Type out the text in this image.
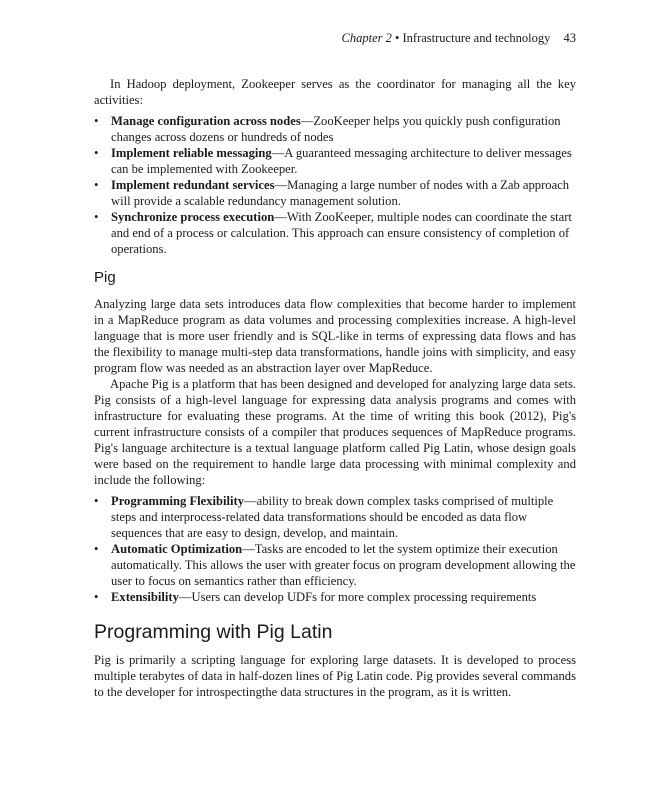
Chapter 2 • Infrastructure and technology 43

In Hadoop deployment, Zookeeper serves as the coordinator for managing all the key activities:

• Manage configuration across nodes—ZooKeeper helps you quickly push configuration changes across dozens or hundreds of nodes
• Implement reliable messaging—A guaranteed messaging architecture to deliver messages can be implemented with Zookeeper.
• Implement redundant services—Managing a large number of nodes with a Zab approach will provide a scalable redundancy management solution.
• Synchronize process execution—With ZooKeeper, multiple nodes can coordinate the start and end of a process or calculation. This approach can ensure consistency of completion of operations.
Pig

Analyzing large data sets introduces data flow complexities that become harder to implement in a MapReduce program as data volumes and processing complexities increase. A high-level language that is more user friendly and is SQL-like in terms of expressing data flows and has the flexibility to manage multi-step data transformations, handle joins with simplicity, and easy program flow was needed as an abstraction layer over MapReduce.

Apache Pig is a platform that has been designed and developed for analyzing large data sets. Pig consists of a high-level language for expressing data analysis programs and comes with infrastructure for evaluating these programs. At the time of writing this book (2012), Pig's current infrastructure consists of a compiler that produces sequences of MapReduce programs. Pig's language architecture is a textual language platform called Pig Latin, whose design goals were based on the requirement to handle large data processing with minimal complexity and include the following:

• Programming Flexibility—ability to break down complex tasks comprised of multiple steps and interprocess-related data transformations should be encoded as data flow sequences that are easy to design, develop, and maintain.
• Automatic Optimization—Tasks are encoded to let the system optimize their execution automatically. This allows the user with greater focus on program development allowing the user to focus on semantics rather than efficiency.
• Extensibility—Users can develop UDFs for more complex processing requirements
Programming with Pig Latin

Pig is primarily a scripting language for exploring large datasets. It is developed to process multiple terabytes of data in half-dozen lines of Pig Latin code. Pig provides several commands to the developer for introspectingthe data structures in the program, as it is written.
